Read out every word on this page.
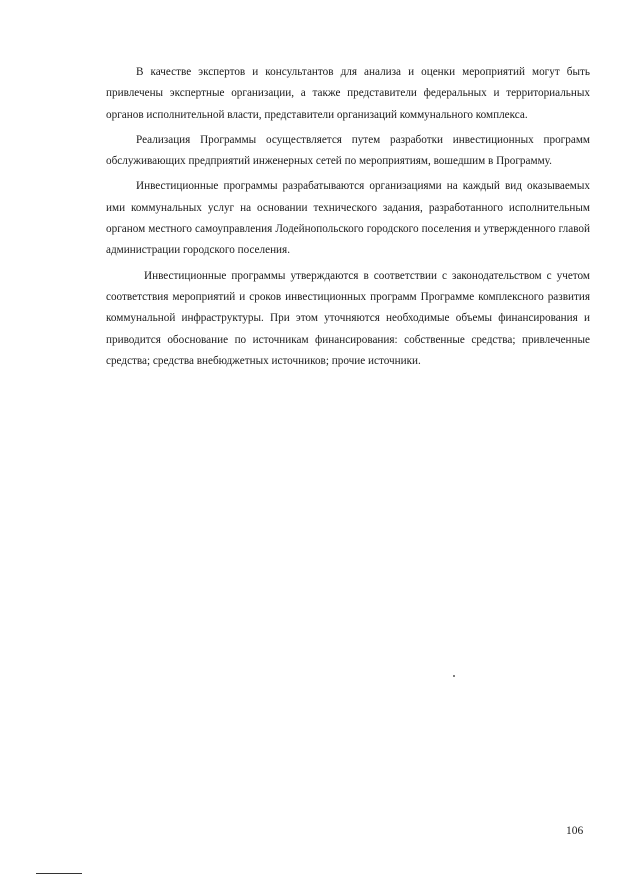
В качестве экспертов и консультантов для анализа и оценки мероприятий могут быть привлечены экспертные организации, а также представители федеральных и территориальных органов исполнительной власти, представители организаций коммунального комплекса.

Реализация Программы осуществляется путем разработки инвестиционных программ обслуживающих предприятий инженерных сетей по мероприятиям, вошедшим в Программу.

Инвестиционные программы разрабатываются организациями на каждый вид оказываемых ими коммунальных услуг на основании технического задания, разработанного исполнительным органом местного самоуправления Лодейнопольского городского поселения и утвержденного главой администрации городского поселения.

Инвестиционные программы утверждаются в соответствии с законодательством с учетом соответствия мероприятий и сроков инвестиционных программ Программе комплексного развития коммунальной инфраструктуры. При этом уточняются необходимые объемы финансирования и приводится обоснование по источникам финансирования: собственные средства; привлеченные средства; средства внебюджетных источников; прочие источники.

106
